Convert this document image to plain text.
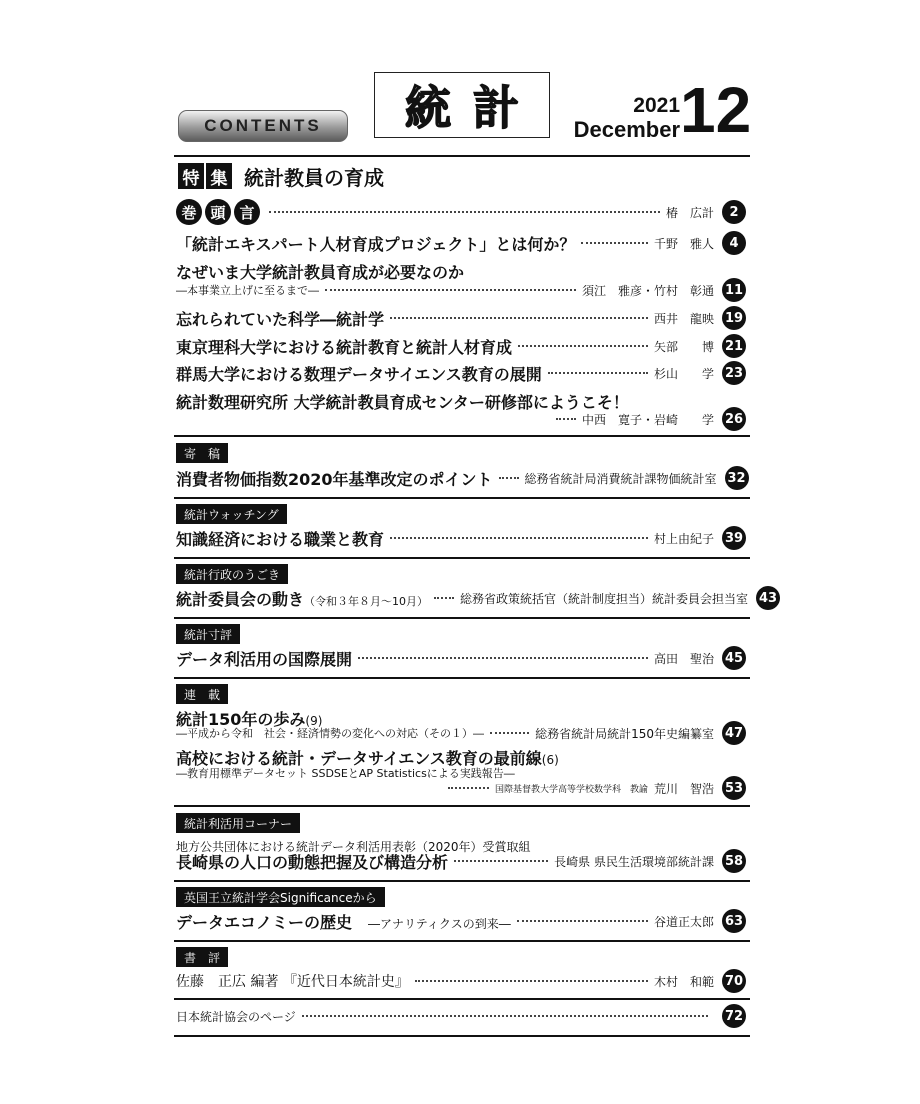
CONTENTS	統計	2021
December 12
特 集 統計教員の育成
巻 頭 言	椿　広計	2
「統計エキスパート人材育成プロジェクト」とは何か？	千野　雅人	4
なぜいま大学統計教員育成が必要なのか
―本事業立上げに至るまで―	須江　雅彦・竹村　彰通 11
忘れられていた科学―統計学	西井　龍映 19
東京理科大学における統計教育と統計人材育成	矢部　　博 21
群馬大学における数理データサイエンス教育の展開	杉山　　学 23
統計数理研究所 大学統計教員育成センター研修部にようこそ！
中西　寛子・岩崎　　学 26
寄　稿
消費者物価指数2020年基準改定のポイント	総務省統計局消費統計課物価統計室 32
統計ウォッチング
知識経済における職業と教育	村上由紀子 39
統計行政のうごき
統計委員会の動き（令和３年８月～10月）	総務省政策統括官（統計制度担当）統計委員会担当室 43
統計寸評
データ利活用の国際展開	高田　聖治 45
連　載
統計150年の歩み(9)
―平成から令和　社会・経済情勢の変化への対応（その１）―	総務省統計局統計150年史編纂室 47
高校における統計・データサイエンス教育の最前線(6)
―教育用標準データセット SSDSEとAP Statisticsによる実践報告―
国際基督教大学高等学校数学科　教諭 荒川　智浩 53
統計利活用コーナー
地方公共団体における統計データ利活用表彰（2020年）受賞取組
長崎県の人口の動態把握及び構造分析	長崎県 県民生活環境部統計課 58
英国王立統計学会Significanceから
データエコノミーの歴史　 ―アナリティクスの到来―	谷道正太郎 63
書　評
佐藤　正広 編著 『近代日本統計史』	木村　和範 70
日本統計協会のページ	72
